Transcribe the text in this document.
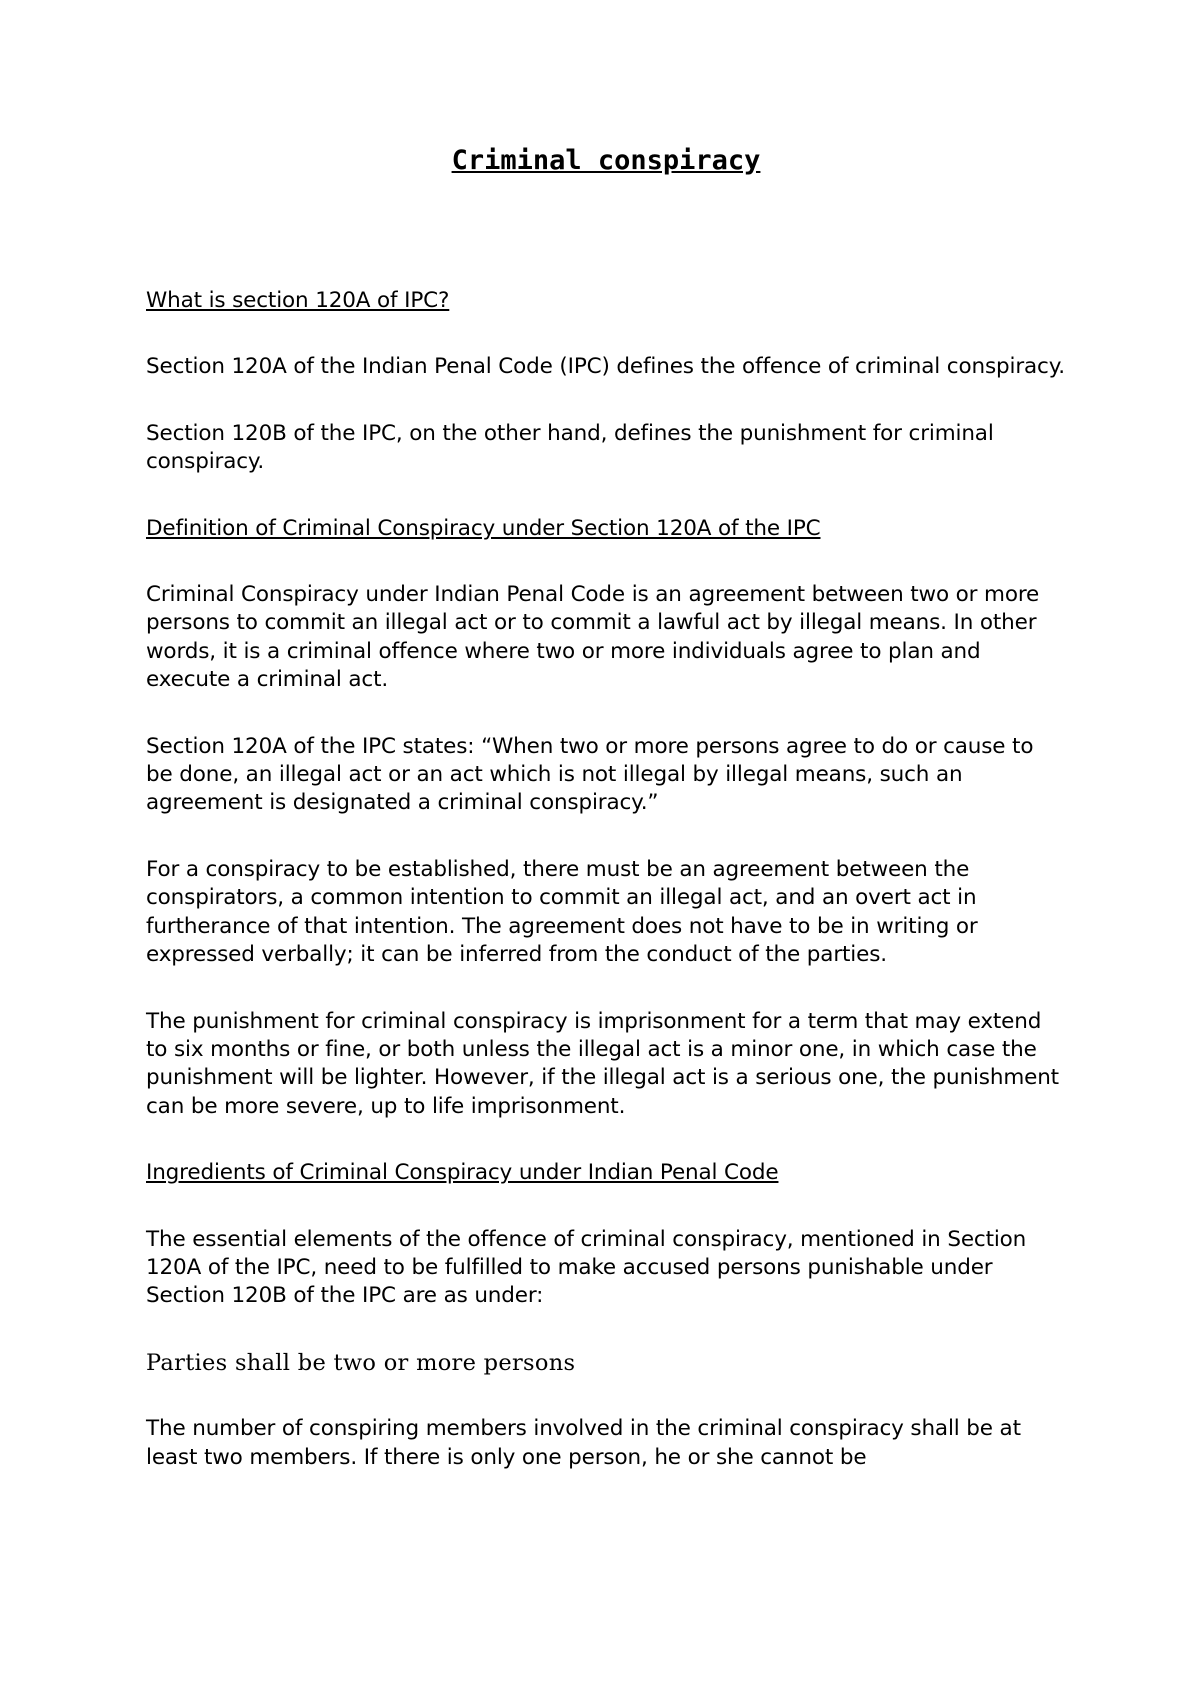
Criminal conspiracy
What is section 120A of IPC?

Section 120A of the Indian Penal Code (IPC) defines the offence of criminal conspiracy.

Section 120B of the IPC, on the other hand, defines the punishment for criminal conspiracy.

Definition of Criminal Conspiracy under Section 120A of the IPC

Criminal Conspiracy under Indian Penal Code is an agreement between two or more persons to commit an illegal act or to commit a lawful act by illegal means. In other words, it is a criminal offence where two or more individuals agree to plan and execute a criminal act.

Section 120A of the IPC states: “When two or more persons agree to do or cause to be done, an illegal act or an act which is not illegal by illegal means, such an agreement is designated a criminal conspiracy.”

For a conspiracy to be established, there must be an agreement between the conspirators, a common intention to commit an illegal act, and an overt act in furtherance of that intention. The agreement does not have to be in writing or expressed verbally; it can be inferred from the conduct of the parties.

The punishment for criminal conspiracy is imprisonment for a term that may extend to six months or fine, or both unless the illegal act is a minor one, in which case the punishment will be lighter. However, if the illegal act is a serious one, the punishment can be more severe, up to life imprisonment.

Ingredients of Criminal Conspiracy under Indian Penal Code

The essential elements of the offence of criminal conspiracy, mentioned in Section 120A of the IPC, need to be fulfilled to make accused persons punishable under Section 120B of the IPC are as under:

Parties shall be two or more persons

The number of conspiring members involved in the criminal conspiracy shall be at least two members. If there is only one person, he or she cannot be
